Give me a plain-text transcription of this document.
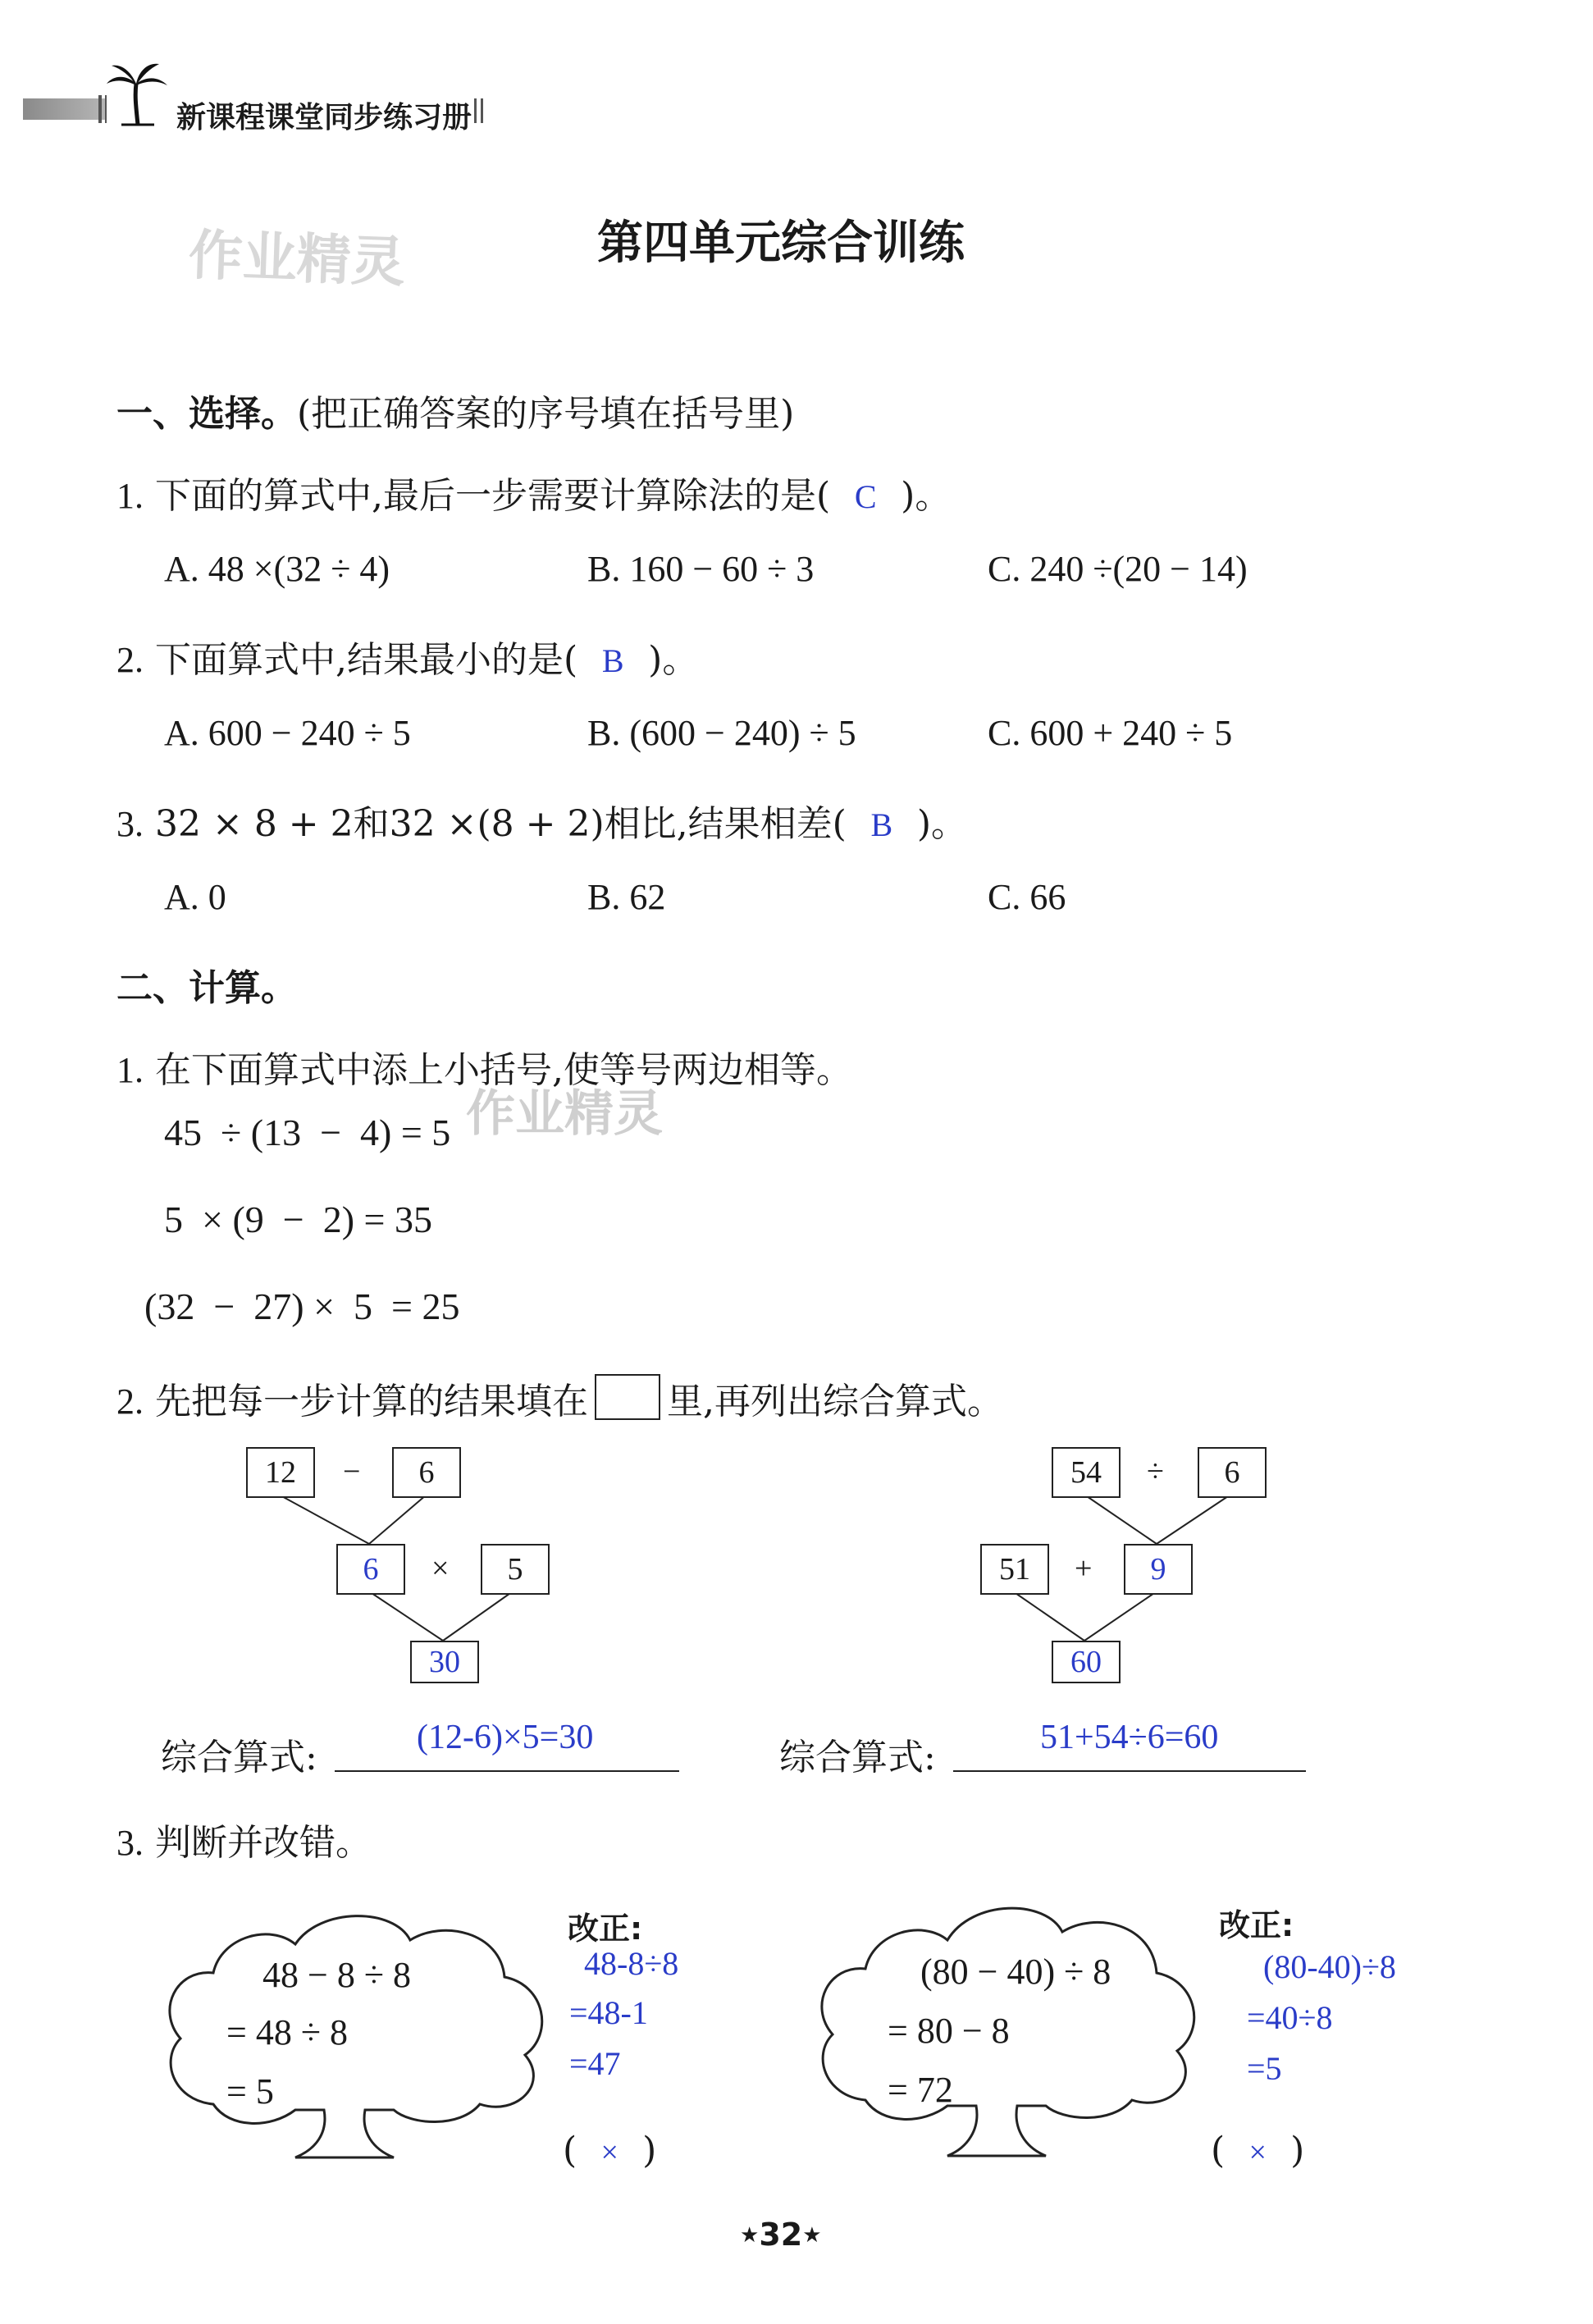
新课程课堂同步练习册
作业精灵	第四单元综合训练
一、选择。(把正确答案的序号填在括号里)
1. 下面的算式中,最后一步需要计算除法的是( C )。
A. 48 ×(32 ÷ 4)	B. 160 − 60 ÷ 3	C. 240 ÷(20 − 14)
2. 下面算式中,结果最小的是( B )。
A. 600 − 240 ÷ 5	B. (600 − 240) ÷ 5	C. 600 + 240 ÷ 5
3. 32 × 8 + 2和32 ×(8 + 2)相比,结果相差( B )。
A. 0	B. 62	C. 66
二、计算。
1. 在下面算式中添上小括号,使等号两边相等。
作业精灵
45  ÷ (13  −  4) = 5
5  × (9  −  2) = 35
(32  −  27) ×  5  = 25
2. 先把每一步计算的结果填在 里,再列出综合算式。
12	−	6
6	×	5
30
54	÷	6
51	+	9
60
综合算式:	(12-6)×5=30	综合算式:	51+54÷6=60
3. 判断并改错。
48 − 8 ÷ 8
= 48 ÷ 8
= 5
改正:
48-8÷8
=48-1
=47
( × )
(80 − 40) ÷ 8
= 80 − 8
= 72
改正:
(80-40)÷8
=40÷8
=5
( × )
★32★
